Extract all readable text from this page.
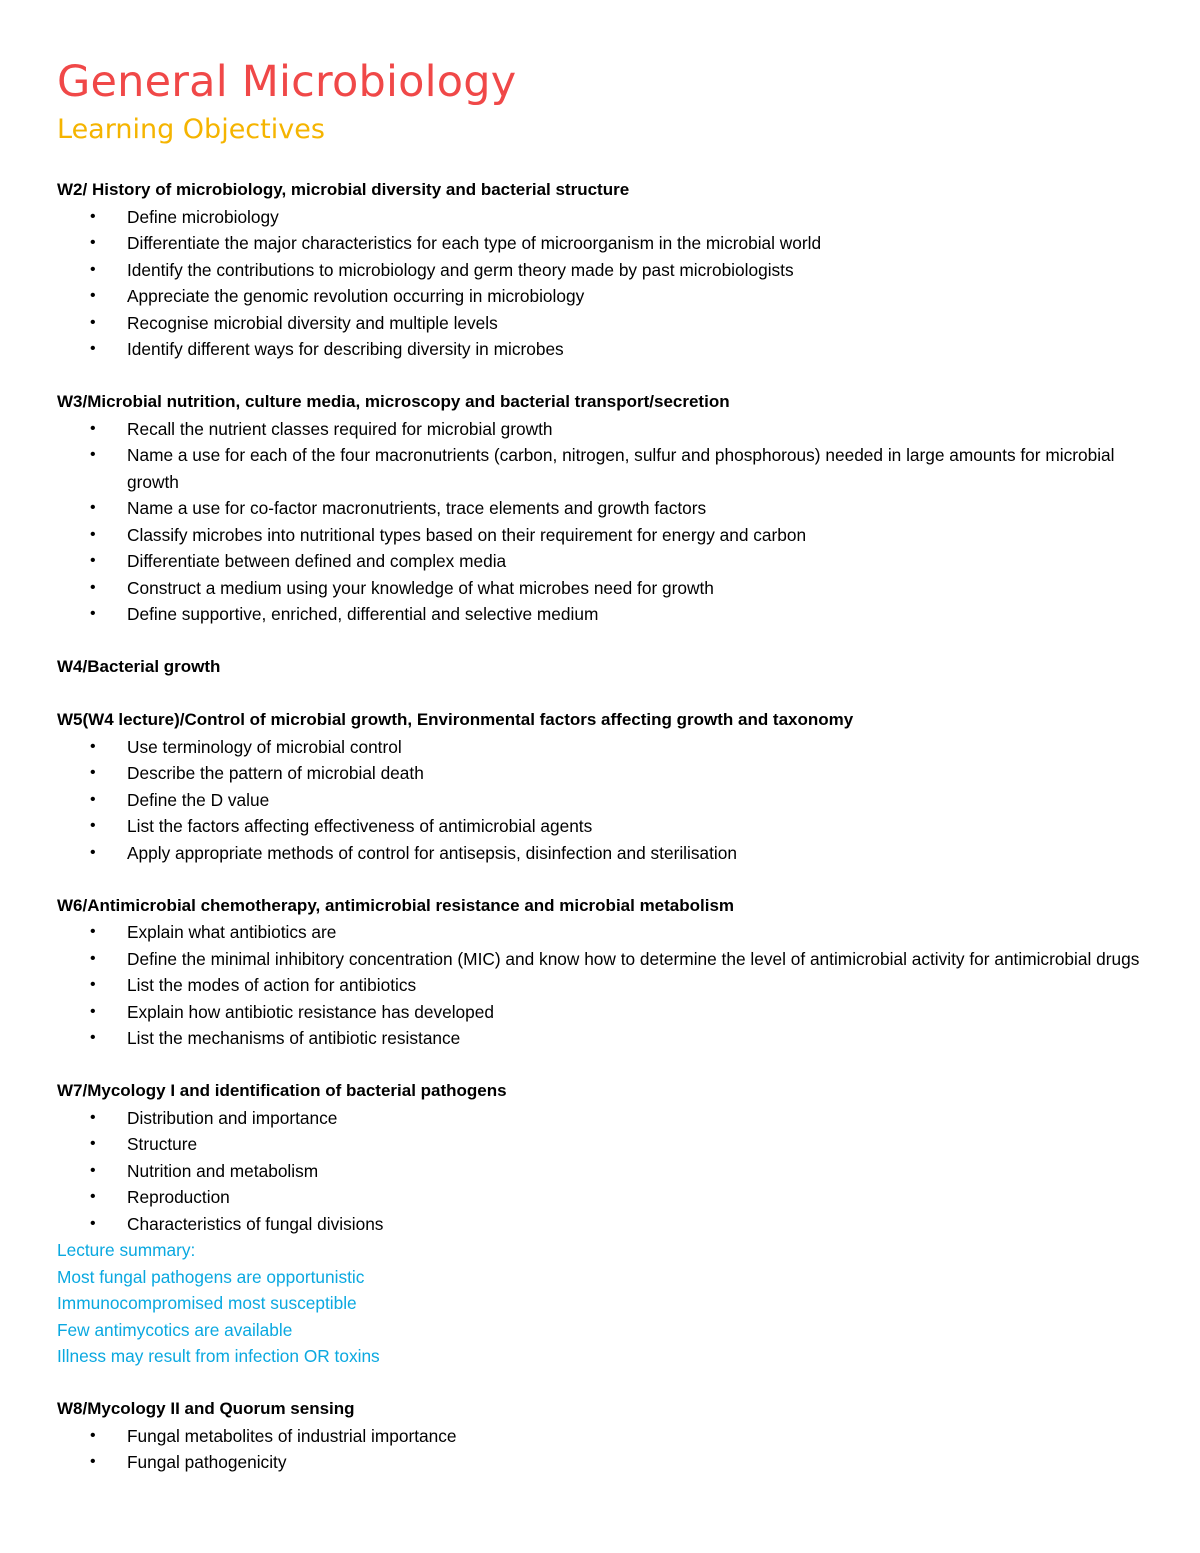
General Microbiology
Learning Objectives
W2/ History of microbiology, microbial diversity and bacterial structure
• Define microbiology
• Differentiate the major characteristics for each type of microorganism in the microbial world
• Identify the contributions to microbiology and germ theory made by past microbiologists
• Appreciate the genomic revolution occurring in microbiology
• Recognise microbial diversity and multiple levels
• Identify different ways for describing diversity in microbes
W3/Microbial nutrition, culture media, microscopy and bacterial transport/secretion
• Recall the nutrient classes required for microbial growth
• Name a use for each of the four macronutrients (carbon, nitrogen, sulfur and phosphorous) needed in large amounts for microbial growth
• Name a use for co-factor macronutrients, trace elements and growth factors
• Classify microbes into nutritional types based on their requirement for energy and carbon
• Differentiate between defined and complex media
• Construct a medium using your knowledge of what microbes need for growth
• Define supportive, enriched, differential and selective medium
W4/Bacterial growth
W5(W4 lecture)/Control of microbial growth, Environmental factors affecting growth and taxonomy
• Use terminology of microbial control
• Describe the pattern of microbial death
• Define the D value
• List the factors affecting effectiveness of antimicrobial agents
• Apply appropriate methods of control for antisepsis, disinfection and sterilisation
W6/Antimicrobial chemotherapy, antimicrobial resistance and microbial metabolism
• Explain what antibiotics are
• Define the minimal inhibitory concentration (MIC) and know how to determine the level of antimicrobial activity for antimicrobial drugs
• List the modes of action for antibiotics
• Explain how antibiotic resistance has developed
• List the mechanisms of antibiotic resistance
W7/Mycology I and identification of bacterial pathogens
• Distribution and importance
• Structure
• Nutrition and metabolism
• Reproduction
• Characteristics of fungal divisions

Lecture summary:

Most fungal pathogens are opportunistic

Immunocompromised most susceptible

Few antimycotics are available

Illness may result from infection OR toxins

W8/Mycology II and Quorum sensing
• Fungal metabolites of industrial importance
• Fungal pathogenicity
